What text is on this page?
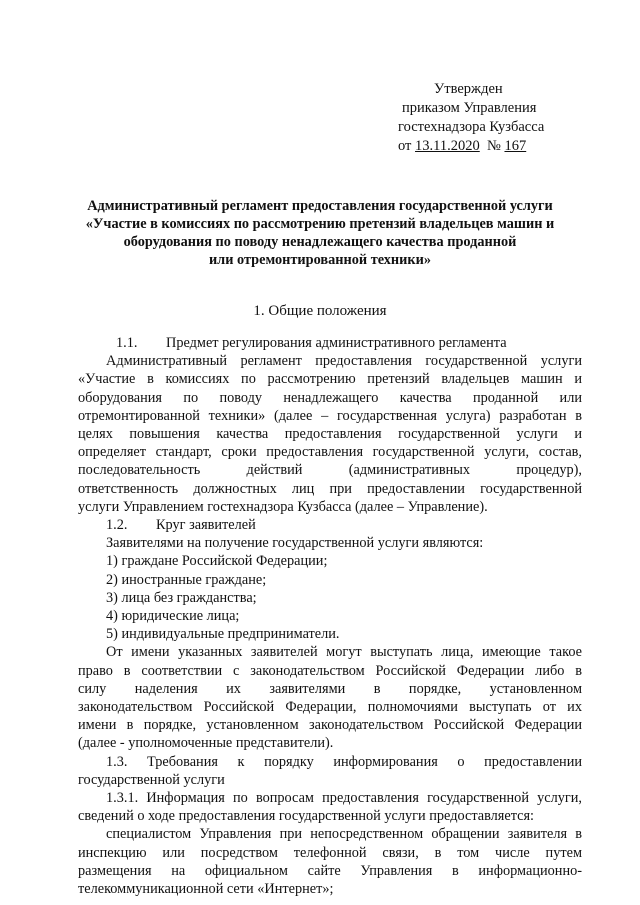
Утвержден
приказом Управления
гостехнадзора Кузбасса
от 13.11.2020 № 167
Административный регламент предоставления государственной услуги
«Участие в комиссиях по рассмотрению претензий владельцев машин и
оборудования по поводу ненадлежащего качества проданной
или отремонтированной техники»
1. Общие положения
1.1. Предмет регулирования административного регламента
Административный регламент предоставления государственной услуги
«Участие в комиссиях по рассмотрению претензий владельцев машин и
оборудования по поводу ненадлежащего качества проданной или
отремонтированной техники» (далее – государственная услуга) разработан в
целях повышения качества предоставления государственной услуги и
определяет стандарт, сроки предоставления государственной услуги, состав,
последовательность действий (административных процедур),
ответственность должностных лиц при предоставлении государственной
услуги Управлением гостехнадзора Кузбасса (далее – Управление).
1.2. Круг заявителей
Заявителями на получение государственной услуги являются:
1) граждане Российской Федерации;
2) иностранные граждане;
3) лица без гражданства;
4) юридические лица;
5) индивидуальные предприниматели.
От имени указанных заявителей могут выступать лица, имеющие такое
право в соответствии с законодательством Российской Федерации либо в
силу наделения их заявителями в порядке, установленном
законодательством Российской Федерации, полномочиями выступать от их
имени в порядке, установленном законодательством Российской Федерации
(далее - уполномоченные представители).
1.3. Требования к порядку информирования о предоставлении
государственной услуги
1.3.1. Информация по вопросам предоставления государственной услуги,
сведений о ходе предоставления государственной услуги предоставляется:
специалистом Управления при непосредственном обращении заявителя в
инспекцию или посредством телефонной связи, в том числе путем
размещения на официальном сайте Управления в информационно-
телекоммуникационной сети «Интернет»;
